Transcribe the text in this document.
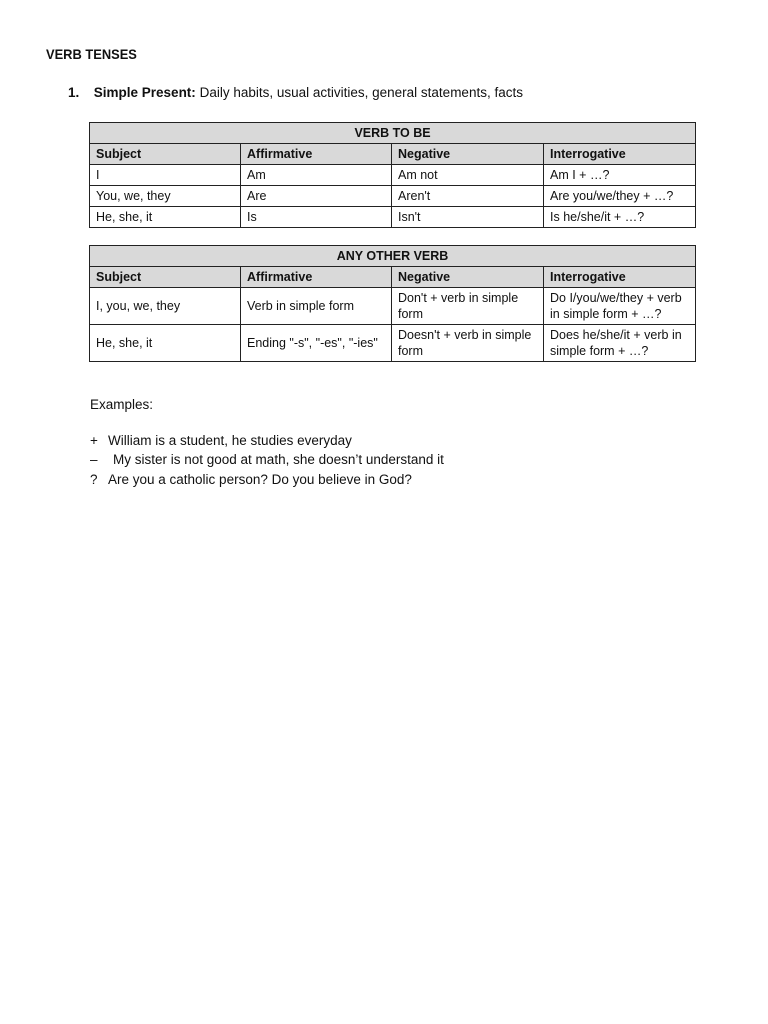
VERB TENSES
1. Simple Present: Daily habits, usual activities, general statements, facts
VERB TO BE			
Subject	Affirmative	Negative	Interrogative
I	Am	Am not	Am I + …?
You, we, they	Are	Aren't	Are you/we/they + …?
He, she, it	Is	Isn't	Is he/she/it + …?
ANY OTHER VERB			
Subject	Affirmative	Negative	Interrogative
I, you, we, they	Verb in simple form	Don't + verb in simple form	Do I/you/we/they + verb in simple form + …?
He, she, it	Ending "-s", "-es", "-ies"	Doesn't + verb in simple form	Does he/she/it + verb in simple form + …?
Examples:
+ William is a student, he studies everyday
– My sister is not good at math, she doesn’t understand it
? Are you a catholic person? Do you believe in God?
